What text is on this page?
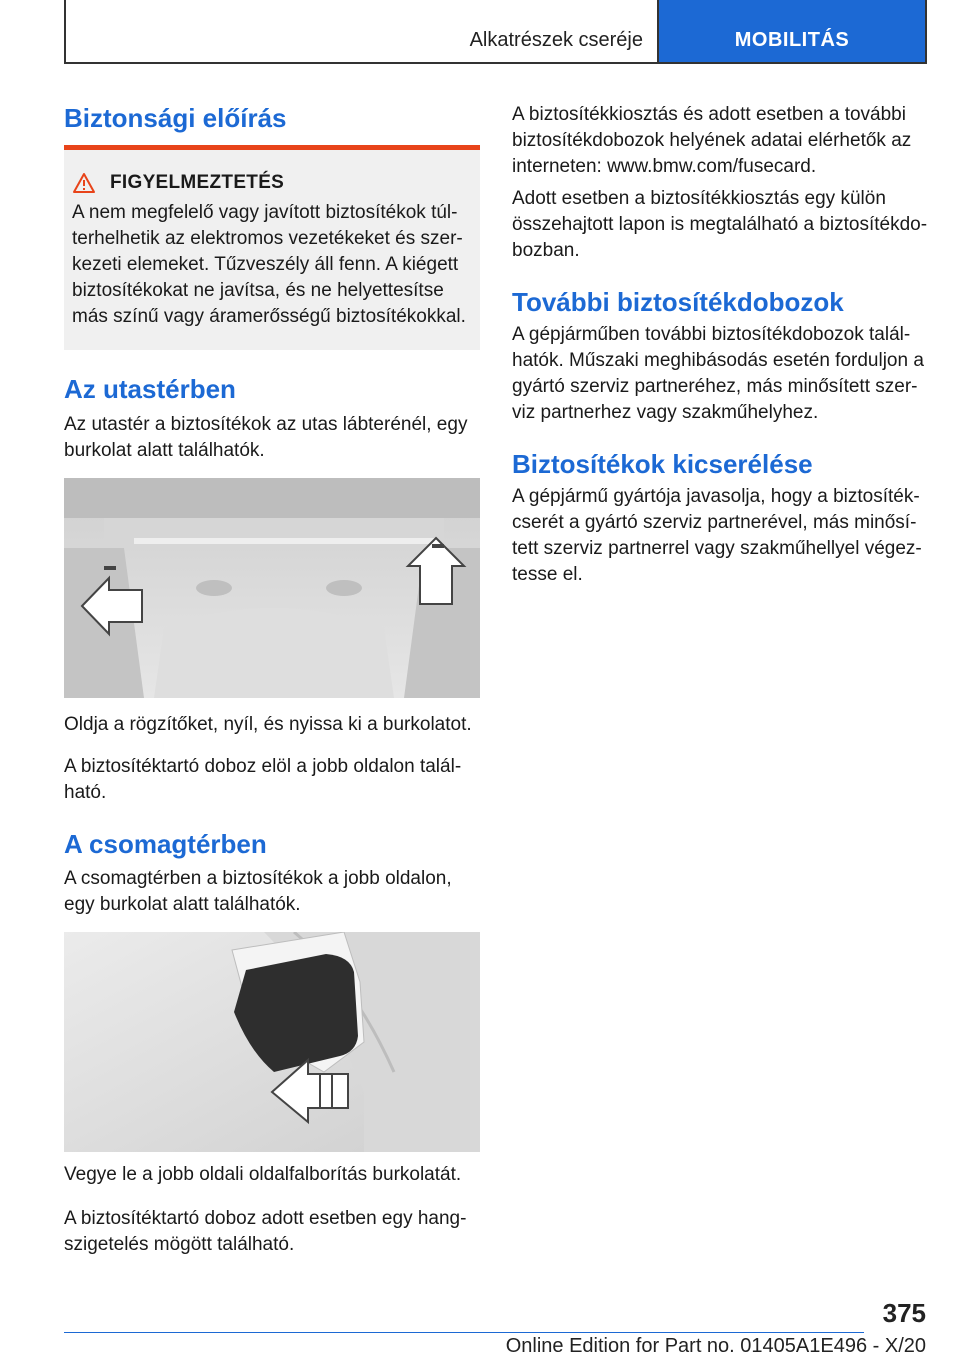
Alkatrészek cseréje	MOBILITÁS
Biztonsági előírás
FIGYELMEZTETÉS
A nem megfelelő vagy javított biztosítékok túl-terhelhetik az elektromos vezetékeket és szer-kezeti elemeket. Tűzveszély áll fenn. A kiégett biztosítékokat ne javítsa, és ne helyettesítse más színű vagy áramerősségű biztosítékokkal.
Az utastérben

Az utastér a biztosítékok az utas lábterénél, egy burkolat alatt találhatók.

Oldja a rögzítőket, nyíl, és nyissa ki a burkolatot.

A biztosítéktartó doboz elöl a jobb oldalon talál-ható.

A csomagtérben

A csomagtérben a biztosítékok a jobb oldalon, egy burkolat alatt találhatók.

Vegye le a jobb oldali oldalfalborítás burkolatát.

A biztosítéktartó doboz adott esetben egy hang-szigetelés mögött található.

A biztosítékkiosztás és adott esetben a további biztosítékdobozok helyének adatai elérhetők az interneten: www.bmw.com/fusecard.

Adott esetben a biztosítékkiosztás egy külön összehajtott lapon is megtalálható a biztosítékdo-bozban.

További biztosítékdobozok

A gépjárműben további biztosítékdobozok talál-hatók. Műszaki meghibásodás esetén forduljon a gyártó szerviz partneréhez, más minősített szer-viz partnerhez vagy szakműhelyhez.

Biztosítékok kicserélése

A gépjármű gyártója javasolja, hogy a biztosíték-cserét a gyártó szerviz partnerével, más minősí-tett szerviz partnerrel vagy szakműhellyel végez-tesse el.

375
Online Edition for Part no. 01405A1E496 - X/20
